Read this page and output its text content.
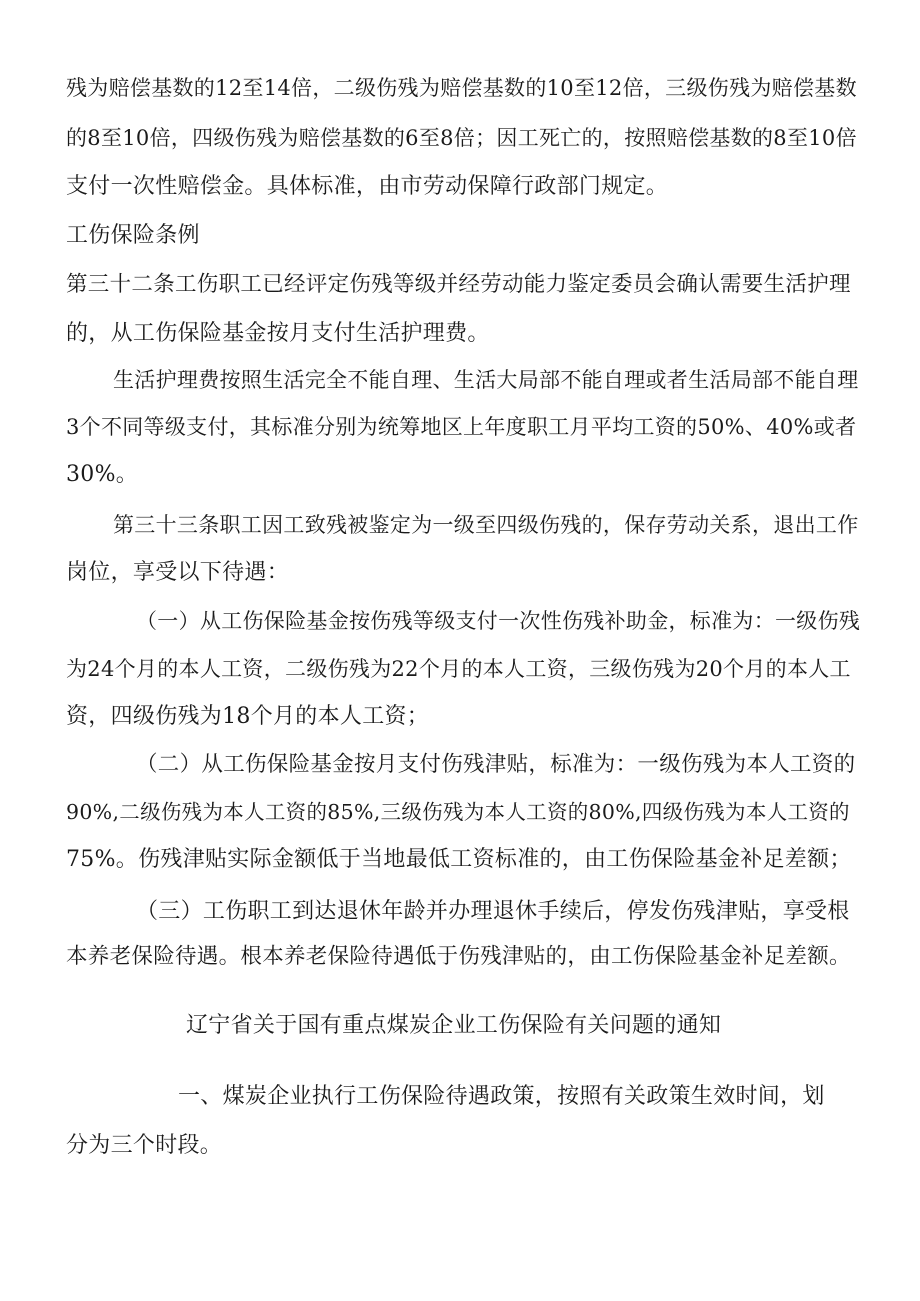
残为赔偿基数的12至14倍，二级伤残为赔偿基数的10至12倍，三级伤残为赔偿基数
的8至10倍，四级伤残为赔偿基数的6至8倍；因工死亡的，按照赔偿基数的8至10倍
支付一次性赔偿金。具体标准，由市劳动保障行政部门规定。
工伤保险条例
第三十二条工伤职工已经评定伤残等级并经劳动能力鉴定委员会确认需要生活护理
的，从工伤保险基金按月支付生活护理费。
生活护理费按照生活完全不能自理、生活大局部不能自理或者生活局部不能自理
3个不同等级支付，其标准分别为统筹地区上年度职工月平均工资的50%、40%或者
30%。
第三十三条职工因工致残被鉴定为一级至四级伤残的，保存劳动关系，退出工作
岗位，享受以下待遇：
（一）从工伤保险基金按伤残等级支付一次性伤残补助金，标准为：一级伤残
为24个月的本人工资，二级伤残为22个月的本人工资，三级伤残为20个月的本人工
资，四级伤残为18个月的本人工资；
（二）从工伤保险基金按月支付伤残津贴，标准为：一级伤残为本人工资的
90%,二级伤残为本人工资的85%,三级伤残为本人工资的80%,四级伤残为本人工资的
75%。伤残津贴实际金额低于当地最低工资标准的，由工伤保险基金补足差额；
（三）工伤职工到达退休年龄并办理退休手续后，停发伤残津贴，享受根
本养老保险待遇。根本养老保险待遇低于伤残津贴的，由工伤保险基金补足差额。
辽宁省关于国有重点煤炭企业工伤保险有关问题的通知
一、煤炭企业执行工伤保险待遇政策，按照有关政策生效时间，划
分为三个时段。
